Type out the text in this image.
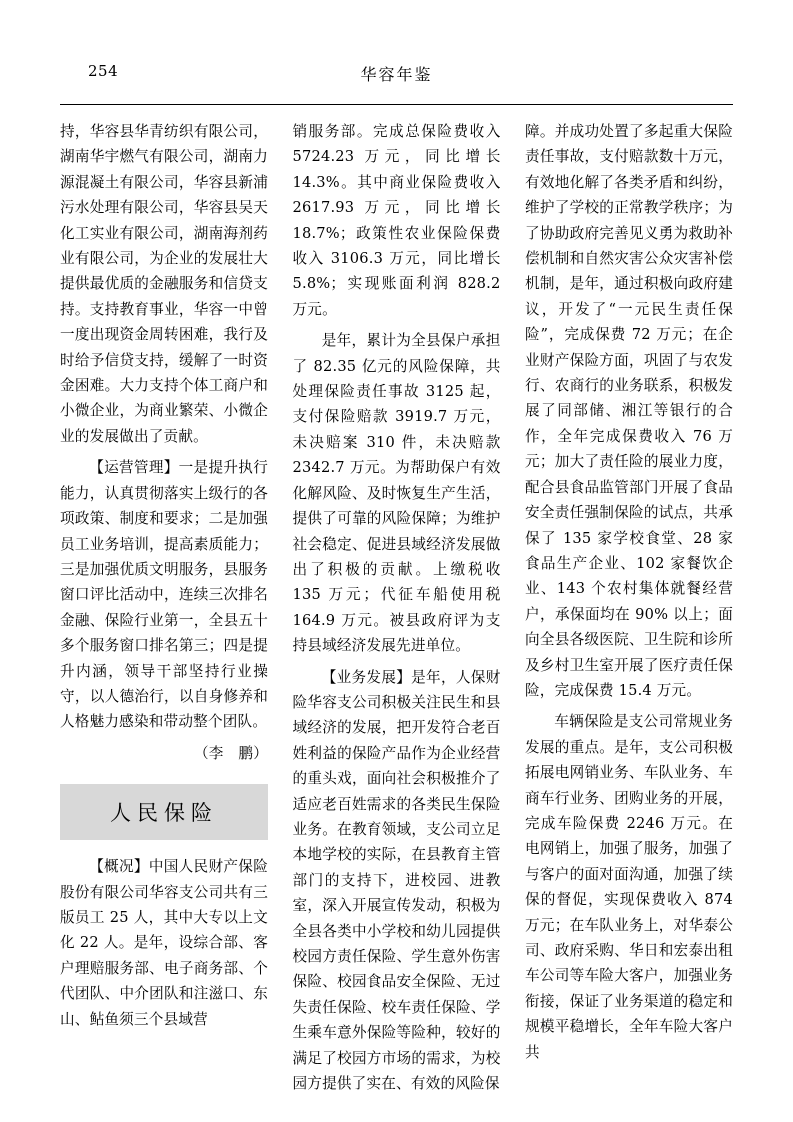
254	华容年鉴

持，华容县华青纺织有限公司，湖南华宇燃气有限公司，湖南力源混凝土有限公司，华容县新浦污水处理有限公司，华容县吴天化工实业有限公司，湖南海剂药业有限公司，为企业的发展壮大提供最优质的金融服务和信贷支持。支持教育事业，华容一中曾一度出现资金周转困难，我行及时给予信贷支持，缓解了一时资金困难。大力支持个体工商户和小微企业，为商业繁荣、小微企业的发展做出了贡献。

【运营管理】一是提升执行能力，认真贯彻落实上级行的各项政策、制度和要求；二是加强员工业务培训，提高素质能力；三是加强优质文明服务，县服务窗口评比活动中，连续三次排名金融、保险行业第一，全县五十多个服务窗口排名第三；四是提升内涵，领导干部坚持行业操守，以人德治行，以自身修养和人格魅力感染和带动整个团队。

（李　鹏）

人民保险

【概况】中国人民财产保险股份有限公司华容支公司共有三版员工 25 人，其中大专以上文化 22 人。是年，设综合部、客户理赔服务部、电子商务部、个代团队、中介团队和注滋口、东山、鲇鱼须三个县域营

销服务部。完成总保险费收入 5724.23 万元，同比增长 14.3%。其中商业保险费收入 2617.93 万元，同比增长 18.7%；政策性农业保险保费收入 3106.3 万元，同比增长 5.8%；实现账面利润 828.2 万元。

是年，累计为全县保户承担了 82.35 亿元的风险保障，共处理保险责任事故 3125 起，支付保险赔款 3919.7 万元，未决赔案 310 件，未决赔款 2342.7 万元。为帮助保户有效化解风险、及时恢复生产生活，提供了可靠的风险保障；为维护社会稳定、促进县域经济发展做出了积极的贡献。上缴税收 135 万元；代征车船使用税 164.9 万元。被县政府评为支持县域经济发展先进单位。

【业务发展】是年，人保财险华容支公司积极关注民生和县域经济的发展，把开发符合老百姓利益的保险产品作为企业经营的重头戏，面向社会积极推介了适应老百姓需求的各类民生保险业务。在教育领域，支公司立足本地学校的实际，在县教育主管部门的支持下，进校园、进教室，深入开展宣传发动，积极为全县各类中小学校和幼儿园提供校园方责任保险、学生意外伤害保险、校园食品安全保险、无过失责任保险、校车责任保险、学生乘车意外保险等险种，较好的满足了校园方市场的需求，为校园方提供了实在、有效的风险保

障。并成功处置了多起重大保险责任事故，支付赔款数十万元，有效地化解了各类矛盾和纠纷，维护了学校的正常教学秩序；为了协助政府完善见义勇为救助补偿机制和自然灾害公众灾害补偿机制，是年，通过积极向政府建议，开发了“一元民生责任保险”，完成保费 72 万元；在企业财产保险方面，巩固了与农发行、农商行的业务联系，积极发展了同部储、湘江等银行的合作，全年完成保费收入 76 万元；加大了责任险的展业力度，配合县食品监管部门开展了食品安全责任强制保险的试点，共承保了 135 家学校食堂、28 家食品生产企业、102 家餐饮企业、143 个农村集体就餐经营户，承保面均在 90% 以上；面向全县各级医院、卫生院和诊所及乡村卫生室开展了医疗责任保险，完成保费 15.4 万元。

车辆保险是支公司常规业务发展的重点。是年，支公司积极拓展电网销业务、车队业务、车商车行业务、团购业务的开展，完成车险保费 2246 万元。在电网销上，加强了服务，加强了与客户的面对面沟通，加强了续保的督促，实现保费收入 874 万元；在车队业务上，对华泰公司、政府采购、华日和宏泰出租车公司等车险大客户，加强业务衔接，保证了业务渠道的稳定和规模平稳增长，全年车险大客户共
